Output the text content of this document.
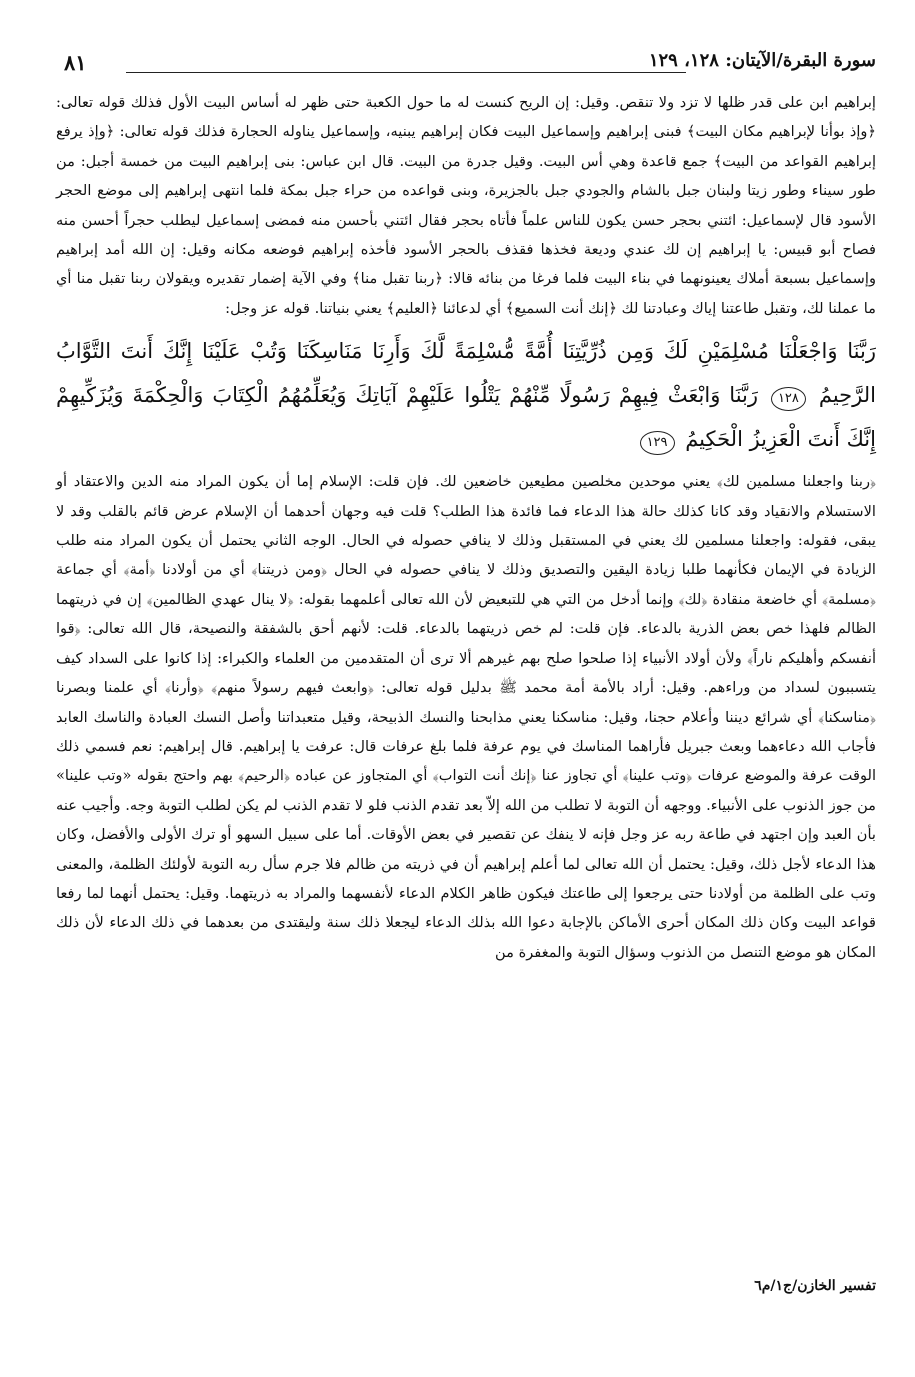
سورة البقرة/الآيتان: ١٢٨، ١٢٩
٨١

إبراهيم ابن على قدر ظلها لا تزد ولا تنقص. وقيل: إن الريح كنست له ما حول الكعبة حتى ظهر له أساس البيت الأول فذلك قوله تعالى: ﴿وإذ بوأنا لإبراهيم مكان البيت﴾ فبنى إبراهيم وإسماعيل البيت فكان إبراهيم يبنيه، وإسماعيل يناوله الحجارة فذلك قوله تعالى: ﴿وإذ يرفع إبراهيم القواعد من البيت﴾ جمع قاعدة وهي أس البيت. وقيل جدرة من البيت. قال ابن عباس: بنى إبراهيم البيت من خمسة أجبل: من طور سيناء وطور زيتا ولبنان جبل بالشام والجودي جبل بالجزيرة، وبنى قواعده من حراء جبل بمكة فلما انتهى إبراهيم إلى موضع الحجر الأسود قال لإسماعيل: ائتني بحجر حسن يكون للناس علماً فأتاه بحجر فقال ائتني بأحسن منه فمضى إسماعيل ليطلب حجراً أحسن منه فصاح أبو قبيس: يا إبراهيم إن لك عندي وديعة فخذها فقذف بالحجر الأسود فأخذه إبراهيم فوضعه مكانه وقيل: إن الله أمد إبراهيم وإسماعيل بسبعة أملاك يعينونهما في بناء البيت فلما فرغا من بنائه قالا: ﴿ربنا تقبل منا﴾ وفي الآية إضمار تقديره ويقولان ربنا تقبل منا أي ما عملنا لك، وتقبل طاعتنا إياك وعبادتنا لك ﴿إنك أنت السميع﴾ أي لدعائنا ﴿العليم﴾ يعني بنياتنا. قوله عز وجل:

رَبَّنَا وَاجْعَلْنَا مُسْلِمَيْنِ لَكَ وَمِن ذُرِّيَّتِنَا أُمَّةً مُّسْلِمَةً لَّكَ وَأَرِنَا مَنَاسِكَنَا وَتُبْ عَلَيْنَا إِنَّكَ أَنتَ التَّوَّابُ الرَّحِيمُ ١٢٨ رَبَّنَا وَابْعَثْ فِيهِمْ رَسُولًا مِّنْهُمْ يَتْلُوا عَلَيْهِمْ آيَاتِكَ وَيُعَلِّمُهُمُ الْكِتَابَ وَالْحِكْمَةَ وَيُزَكِّيهِمْ إِنَّكَ أَنتَ الْعَزِيزُ الْحَكِيمُ ١٢٩

﴿ربنا واجعلنا مسلمين لك﴾ يعني موحدين مخلصين مطيعين خاضعين لك. فإن قلت: الإسلام إما أن يكون المراد منه الدين والاعتقاد أو الاستسلام والانقياد وقد كانا كذلك حالة هذا الدعاء فما فائدة هذا الطلب؟ قلت فيه وجهان أحدهما أن الإسلام عرض قائم بالقلب وقد لا يبقى، فقوله: واجعلنا مسلمين لك يعني في المستقبل وذلك لا ينافي حصوله في الحال. الوجه الثاني يحتمل أن يكون المراد منه طلب الزيادة في الإيمان فكأنهما طلبا زيادة اليقين والتصديق وذلك لا ينافي حصوله في الحال ﴿ومن ذريتنا﴾ أي من أولادنا ﴿أمة﴾ أي جماعة ﴿مسلمة﴾ أي خاضعة منقادة ﴿لك﴾ وإنما أدخل من التي هي للتبعيض لأن الله تعالى أعلمهما بقوله: ﴿لا ينال عهدي الظالمين﴾ إن في ذريتهما الظالم فلهذا خص بعض الذرية بالدعاء. فإن قلت: لم خص ذريتهما بالدعاء. قلت: لأنهم أحق بالشفقة والنصيحة، قال الله تعالى: ﴿قوا أنفسكم وأهليكم ناراً﴾ ولأن أولاد الأنبياء إذا صلحوا صلح بهم غيرهم ألا ترى أن المتقدمين من العلماء والكبراء: إذا كانوا على السداد كيف يتسببون لسداد من وراءهم. وقيل: أراد بالأمة أمة محمد ﷺ بدليل قوله تعالى: ﴿وابعث فيهم رسولاً منهم﴾ ﴿وأرنا﴾ أي علمنا وبصرنا ﴿مناسكنا﴾ أي شرائع ديننا وأعلام حجنا، وقيل: مناسكنا يعني مذابحنا والنسك الذبيحة، وقيل متعبداتنا وأصل النسك العبادة والناسك العابد فأجاب الله دعاءهما وبعث جبريل فأراهما المناسك في يوم عرفة فلما بلغ عرفات قال: عرفت يا إبراهيم. قال إبراهيم: نعم فسمي ذلك الوقت عرفة والموضع عرفات ﴿وتب علينا﴾ أي تجاوز عنا ﴿إنك أنت التواب﴾ أي المتجاوز عن عباده ﴿الرحيم﴾ بهم واحتج بقوله «وتب علينا» من جوز الذنوب على الأنبياء. ووجهه أن التوبة لا تطلب من الله إلاّ بعد تقدم الذنب فلو لا تقدم الذنب لم يكن لطلب التوبة وجه. وأجيب عنه بأن العبد وإن اجتهد في طاعة ربه عز وجل فإنه لا ينفك عن تقصير في بعض الأوقات. أما على سبيل السهو أو ترك الأولى والأفضل، وكان هذا الدعاء لأجل ذلك، وقيل: يحتمل أن الله تعالى لما أعلم إبراهيم أن في ذريته من ظالم فلا جرم سأل ربه التوبة لأولئك الظلمة، والمعنى وتب على الظلمة من أولادنا حتى يرجعوا إلى طاعتك فيكون ظاهر الكلام الدعاء لأنفسهما والمراد به ذريتهما. وقيل: يحتمل أنهما لما رفعا قواعد البيت وكان ذلك المكان أحرى الأماكن بالإجابة دعوا الله بذلك الدعاء ليجعلا ذلك سنة وليقتدى من بعدهما في ذلك الدعاء لأن ذلك المكان هو موضع التنصل من الذنوب وسؤال التوبة والمغفرة من

تفسير الخازن/ج١/م٦
